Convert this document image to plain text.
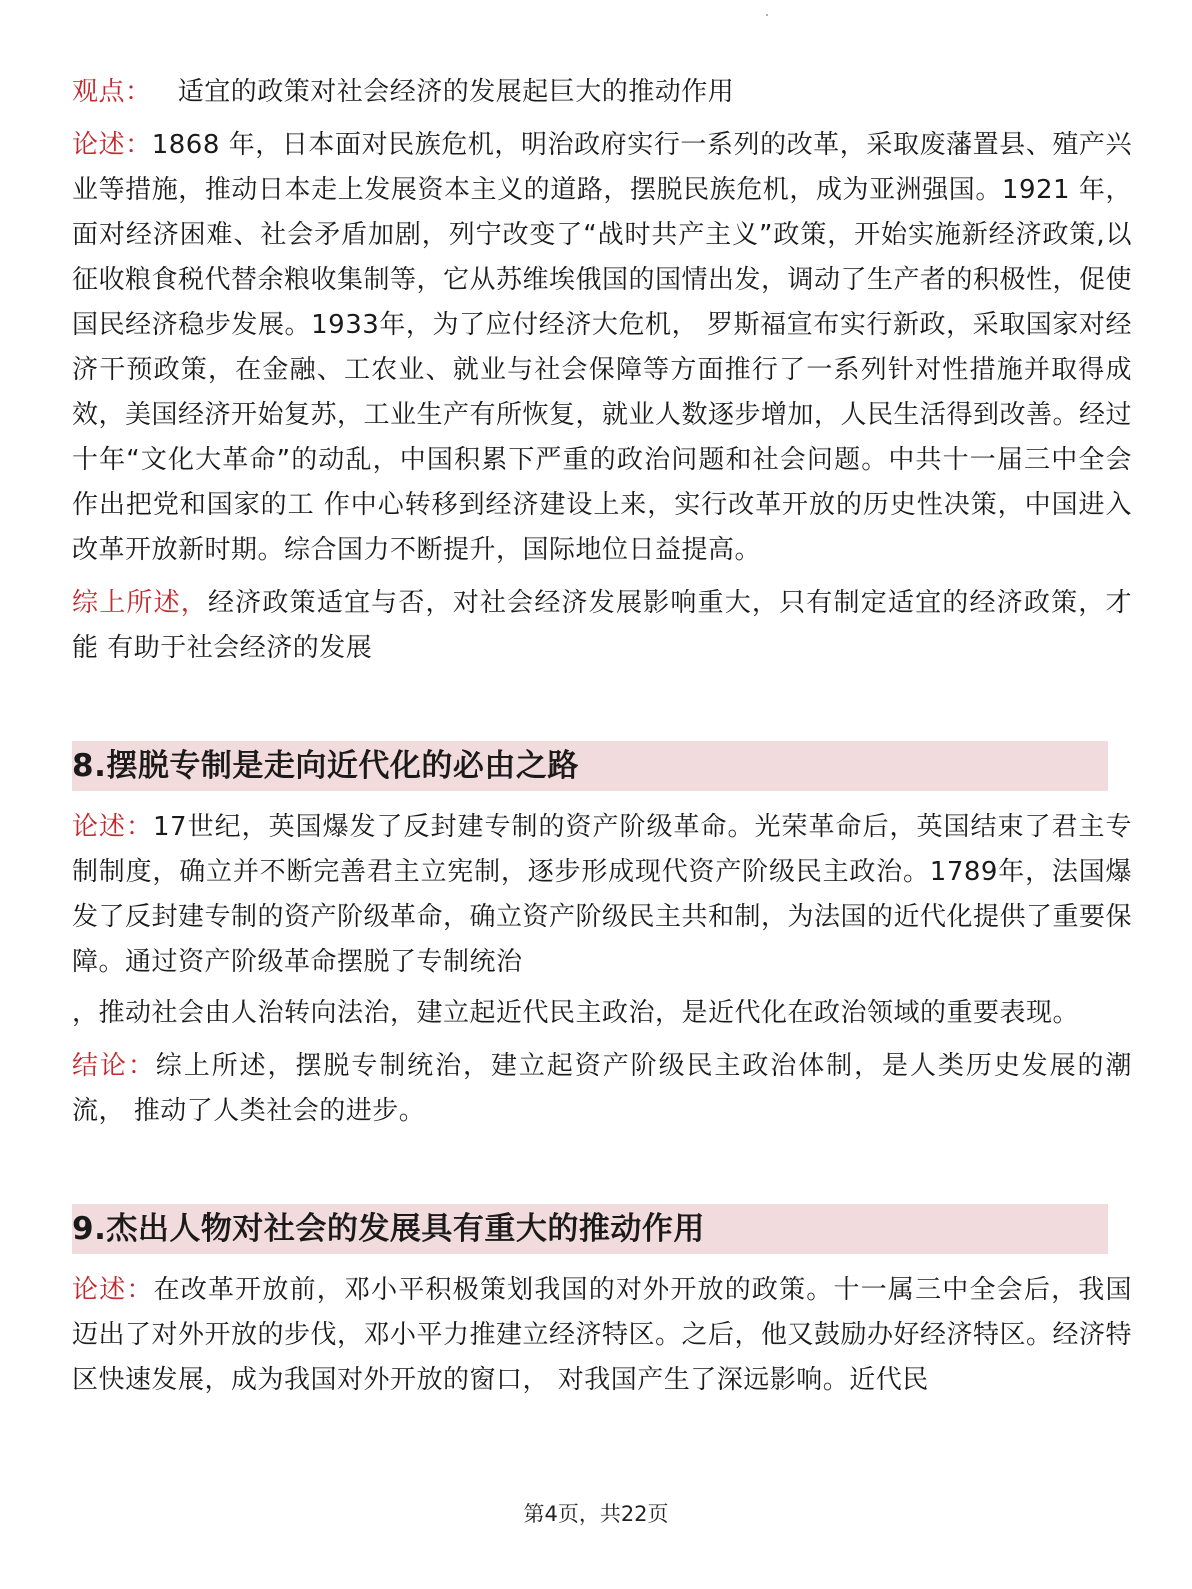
观点：   适宜的政策对社会经济的发展起巨大的推动作用

论述：1868 年，日本面对民族危机，明治政府实行一系列的改革，采取废藩置县、殖产兴业等措施，推动日本走上发展资本主义的道路，摆脱民族危机，成为亚洲强国。1921 年，面对经济困难、社会矛盾加剧，列宁改变了“战时共产主义”政策，开始实施新经济政策,以征收粮食税代替余粮收集制等，它从苏维埃俄国的国情出发，调动了生产者的积极性，促使国民经济稳步发展。1933年，为了应付经济大危机， 罗斯福宣布实行新政，采取国家对经济干预政策，在金融、工农业、就业与社会保障等方面推行了一系列针对性措施并取得成效，美国经济开始复苏，工业生产有所恢复，就业人数逐步增加，人民生活得到改善。经过十年“文化大革命”的动乱，中国积累下严重的政治问题和社会问题。中共十一届三中全会作出把党和国家的工 作中心转移到经济建设上来，实行改革开放的历史性决策，中国进入改革开放新时期。综合国力不断提升，国际地位日益提高。

综上所述，经济政策适宜与否，对社会经济发展影响重大，只有制定适宜的经济政策，才能 有助于社会经济的发展

8.摆脱专制是走向近代化的必由之路

论述：17世纪，英国爆发了反封建专制的资产阶级革命。光荣革命后，英国结束了君主专 制制度，确立并不断完善君主立宪制，逐步形成现代资产阶级民主政治。1789年，法国爆 发了反封建专制的资产阶级革命，确立资产阶级民主共和制，为法国的近代化提供了重要保 障。通过资产阶级革命摆脱了专制统治

，推动社会由人治转向法治，建立起近代民主政治，是近代化在政治领域的重要表现。

结论：综上所述，摆脱专制统治，建立起资产阶级民主政治体制，是人类历史发展的潮流， 推动了人类社会的进步。

9.杰出人物对社会的发展具有重大的推动作用

论述：在改革开放前，邓小平积极策划我国的对外开放的政策。十一属三中全会后，我国 迈出了对外开放的步伐，邓小平力推建立经济特区。之后，他又鼓励办好经济特区。经济特区快速发展，成为我国对外开放的窗口， 对我国产生了深远影响。近代民

第4页，共22页
